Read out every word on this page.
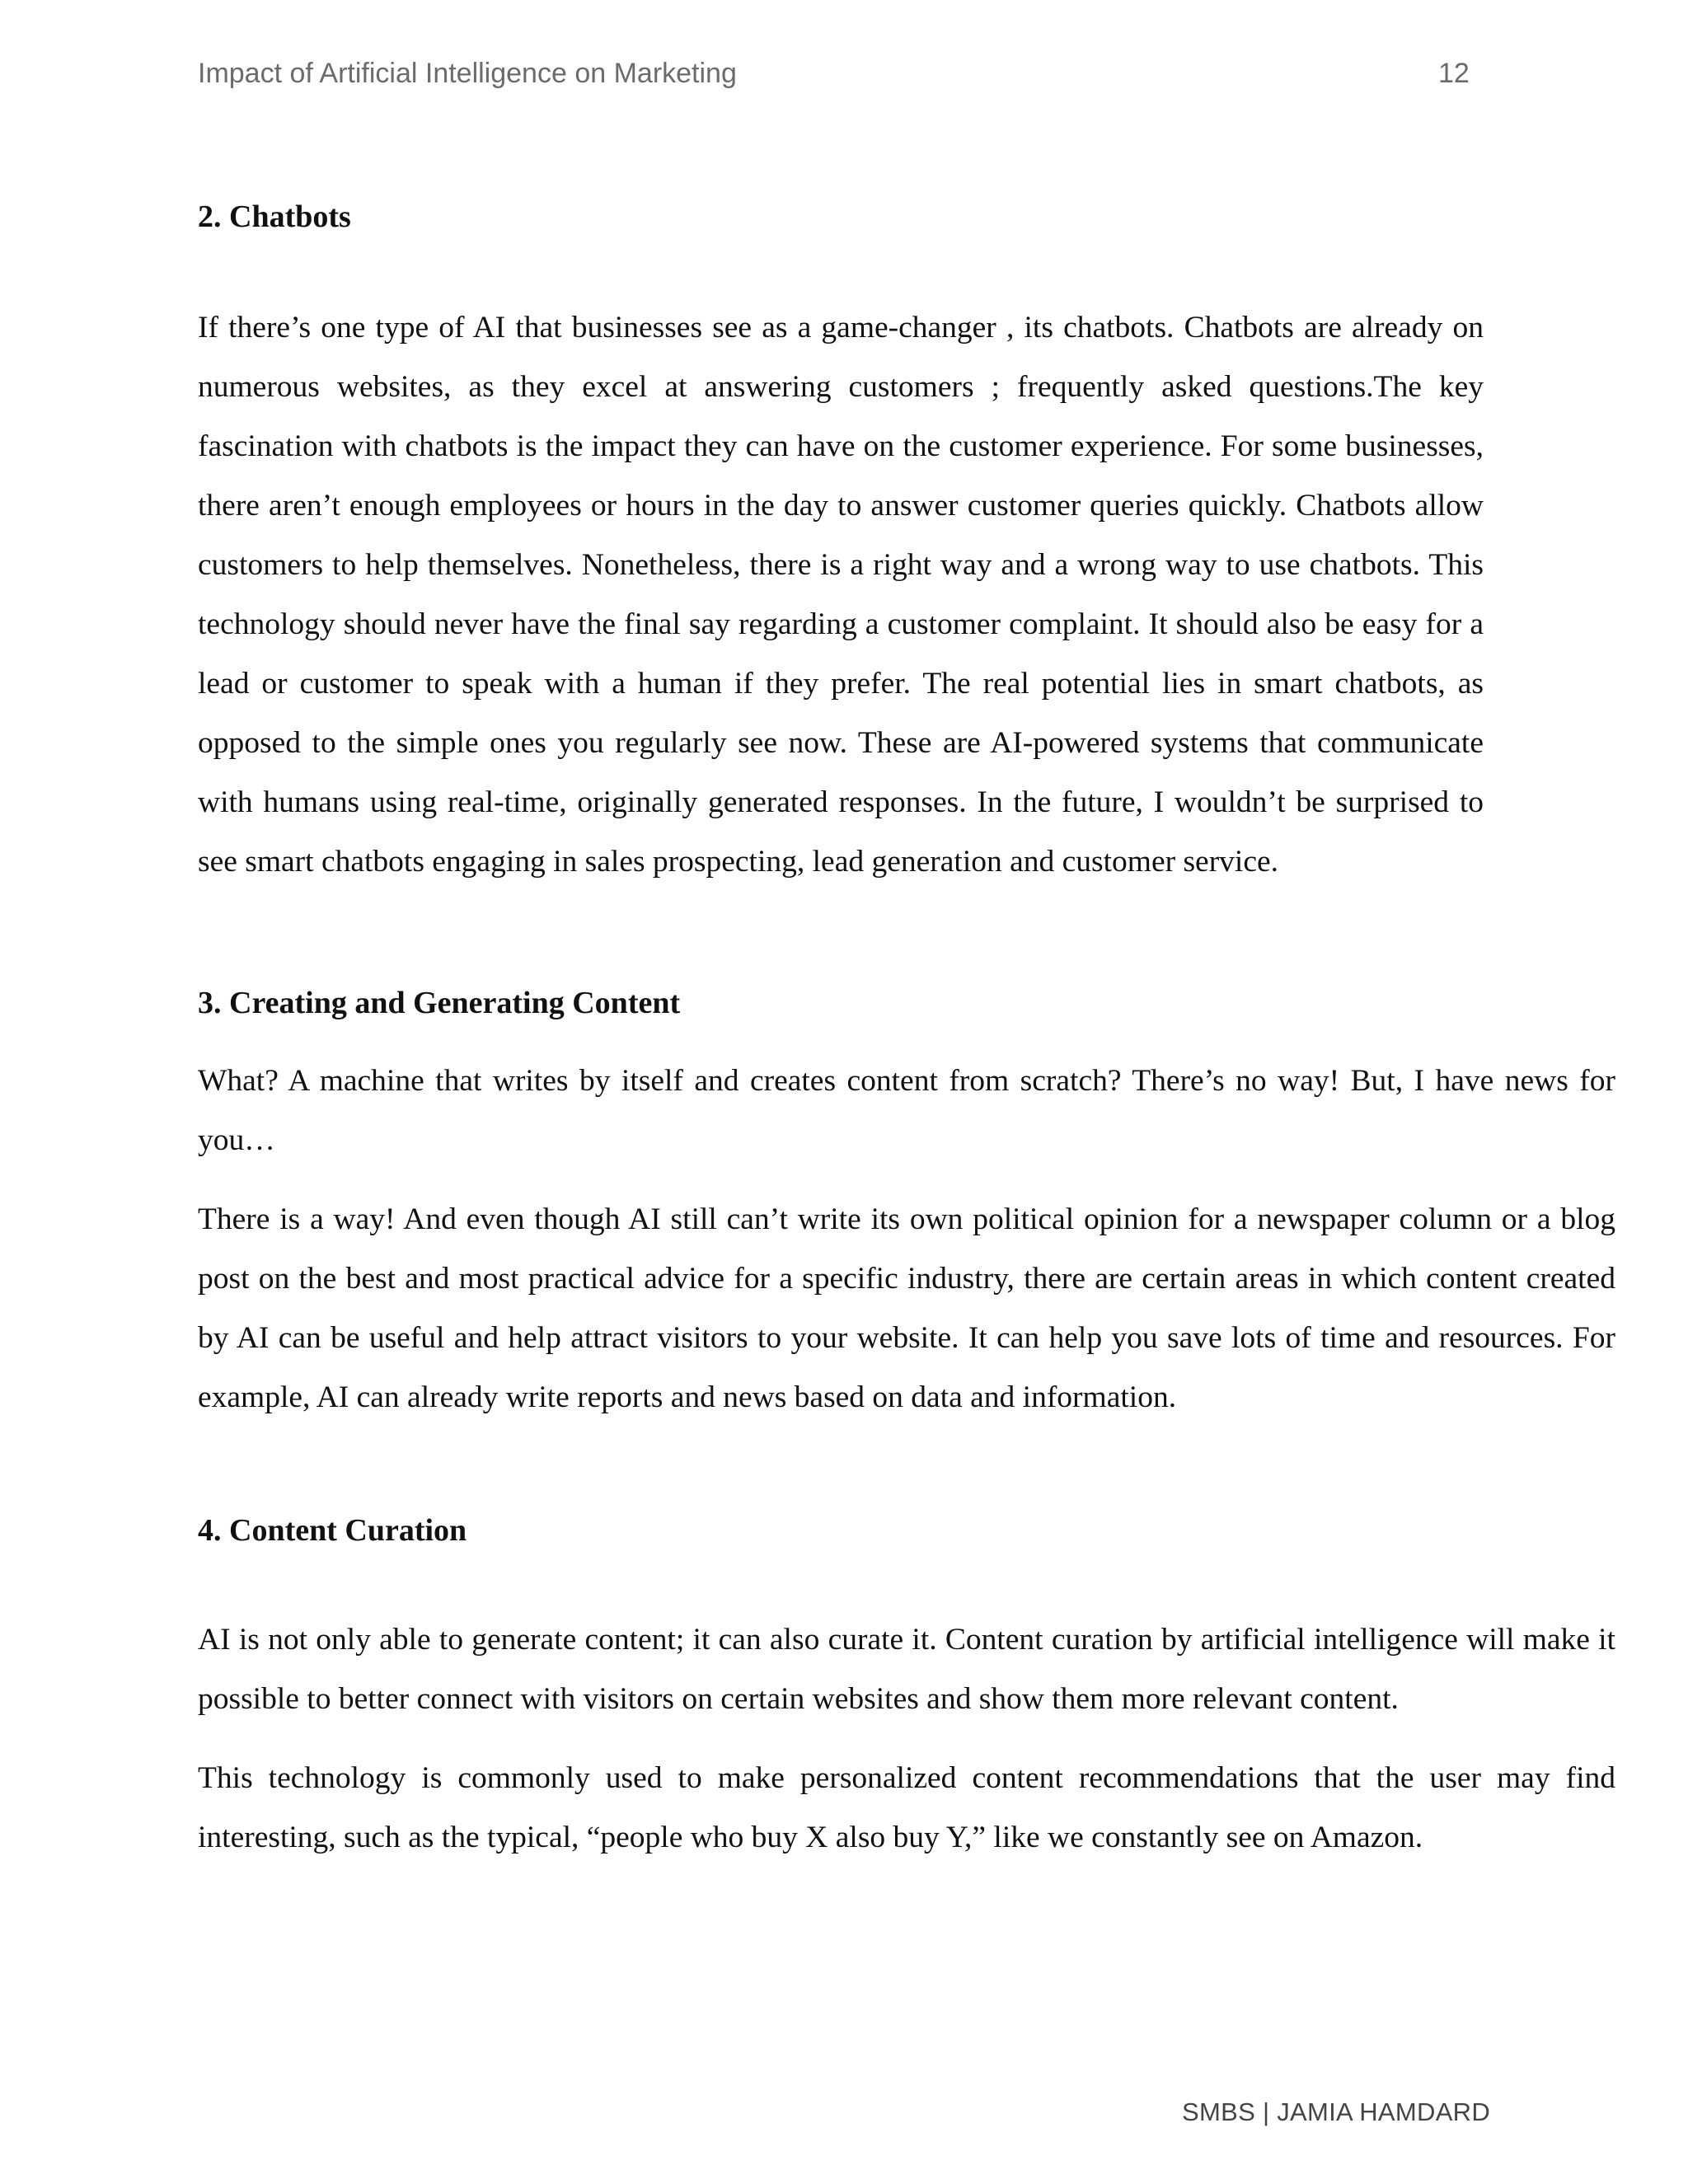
Impact of Artificial Intelligence on Marketing	12
2. Chatbots

If there’s one type of AI that businesses see as a game-changer , its chatbots. Chatbots are already on numerous websites, as they excel at answering customers ; frequently asked questions.The key fascination with chatbots is the impact they can have on the customer experience. For some businesses, there aren’t enough employees or hours in the day to answer customer queries quickly. Chatbots allow customers to help themselves. Nonetheless, there is a right way and a wrong way to use chatbots. This technology should never have the final say regarding a customer complaint. It should also be easy for a lead or customer to speak with a human if they prefer. The real potential lies in smart chatbots, as opposed to the simple ones you regularly see now. These are AI-powered systems that communicate with humans using real-time, originally generated responses. In the future, I wouldn’t be surprised to see smart chatbots engaging in sales prospecting, lead generation and customer service.

3. Creating and Generating Content

What? A machine that writes by itself and creates content from scratch? There’s no way! But, I have news for you…

There is a way! And even though AI still can’t write its own political opinion for a newspaper column or a blog post on the best and most practical advice for a specific industry, there are certain areas in which content created by AI can be useful and help attract visitors to your website. It can help you save lots of time and resources. For example, AI can already write reports and news based on data and information.

4. Content Curation

AI is not only able to generate content; it can also curate it. Content curation by artificial intelligence will make it possible to better connect with visitors on certain websites and show them more relevant content.

This technology is commonly used to make personalized content recommendations that the user may find interesting, such as the typical, “people who buy X also buy Y,” like we constantly see on Amazon.

SMBS | JAMIA HAMDARD
